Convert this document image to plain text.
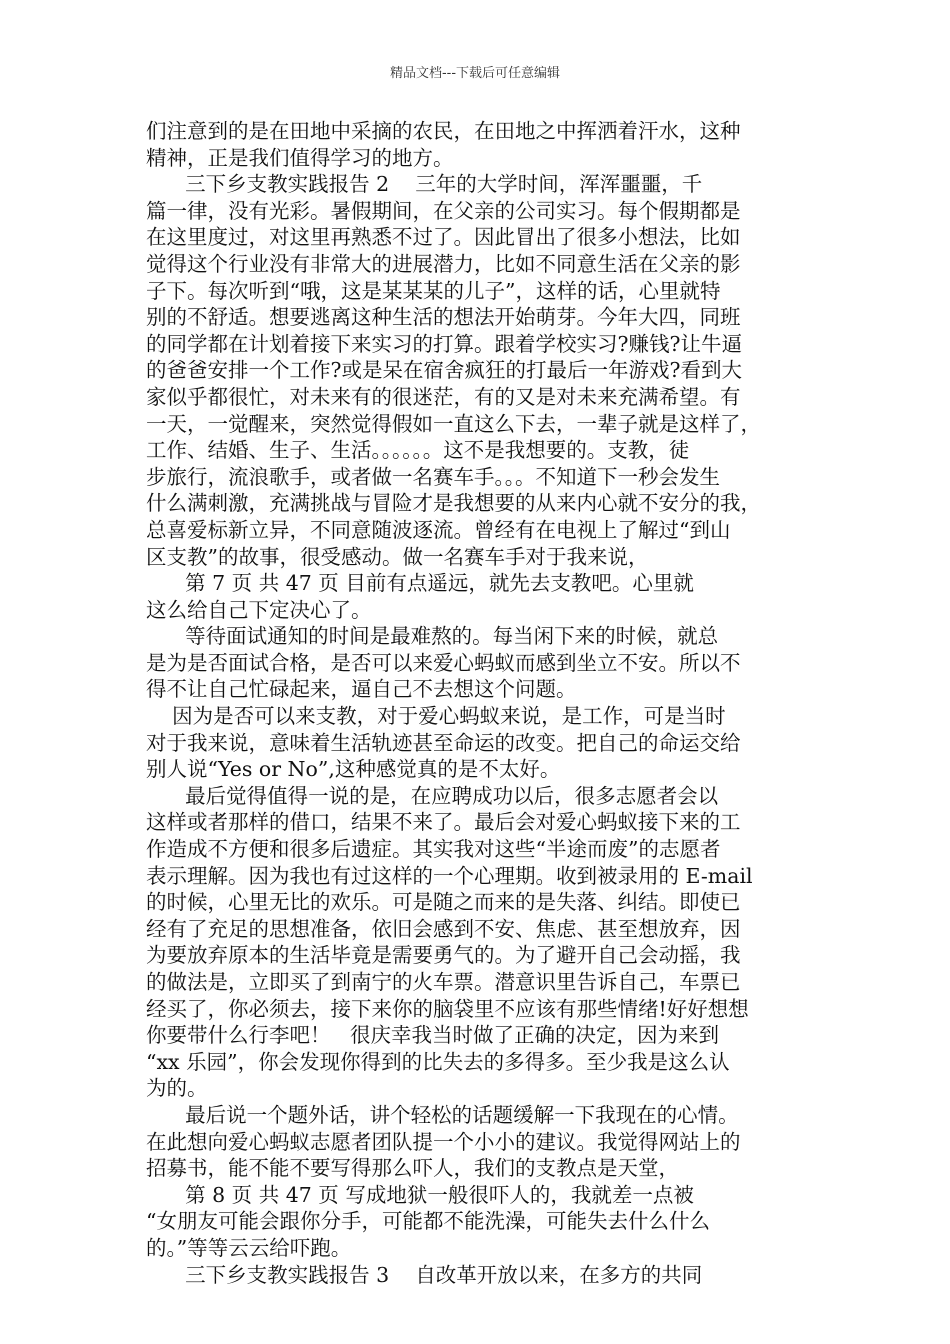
精品文档---下载后可任意编辑
们注意到的是在田地中采摘的农民，在田地之中挥洒着汗水，这种
精神，正是我们值得学习的地方。
三下乡支教实践报告 2    三年的大学时间，浑浑噩噩，千
篇一律，没有光彩。暑假期间，在父亲的公司实习。每个假期都是
在这里度过，对这里再熟悉不过了。因此冒出了很多小想法，比如
觉得这个行业没有非常大的进展潜力，比如不同意生活在父亲的影
子下。每次听到“哦，这是某某某的儿子”，这样的话，心里就特
别的不舒适。想要逃离这种生活的想法开始萌芽。今年大四，同班
的同学都在计划着接下来实习的打算。跟着学校实习?赚钱?让牛逼
的爸爸安排一个工作?或是呆在宿舍疯狂的打最后一年游戏?看到大
家似乎都很忙，对未来有的很迷茫，有的又是对未来充满希望。有
一天，一觉醒来，突然觉得假如一直这么下去，一辈子就是这样了，
工作、结婚、生子、生活。。。。。。这不是我想要的。支教，徒
步旅行，流浪歌手，或者做一名赛车手。。。不知道下一秒会发生
什么满刺激，充满挑战与冒险才是我想要的从来内心就不安分的我，
总喜爱标新立异，不同意随波逐流。曾经有在电视上了解过“到山
区支教”的故事，很受感动。做一名赛车手对于我来说，
第 7 页 共 47 页 目前有点遥远，就先去支教吧。心里就
这么给自己下定决心了。
等待面试通知的时间是最难熬的。每当闲下来的时候，就总
是为是否面试合格，是否可以来爱心蚂蚁而感到坐立不安。所以不
得不让自己忙碌起来，逼自己不去想这个问题。
因为是否可以来支教，对于爱心蚂蚁来说，是工作，可是当时
对于我来说，意味着生活轨迹甚至命运的改变。把自己的命运交给
别人说“Yes or No”,这种感觉真的是不太好。
最后觉得值得一说的是，在应聘成功以后，很多志愿者会以
这样或者那样的借口，结果不来了。最后会对爱心蚂蚁接下来的工
作造成不方便和很多后遗症。其实我对这些“半途而废”的志愿者
表示理解。因为我也有过这样的一个心理期。收到被录用的 E-mail
的时候，心里无比的欢乐。可是随之而来的是失落、纠结。即使已
经有了充足的思想准备，依旧会感到不安、焦虑、甚至想放弃，因
为要放弃原本的生活毕竟是需要勇气的。为了避开自己会动摇，我
的做法是，立即买了到南宁的火车票。潜意识里告诉自己，车票已
经买了，你必须去，接下来你的脑袋里不应该有那些情绪!好好想想
你要带什么行李吧！   很庆幸我当时做了正确的决定，因为来到
“xx 乐园”，你会发现你得到的比失去的多得多。至少我是这么认
为的。
最后说一个题外话，讲个轻松的话题缓解一下我现在的心情。
在此想向爱心蚂蚁志愿者团队提一个小小的建议。我觉得网站上的
招募书，能不能不要写得那么吓人，我们的支教点是天堂，
第 8 页 共 47 页 写成地狱一般很吓人的，我就差一点被
“女朋友可能会跟你分手，可能都不能洗澡，可能失去什么什么
的。”等等云云给吓跑。
三下乡支教实践报告 3    自改革开放以来，在多方的共同
